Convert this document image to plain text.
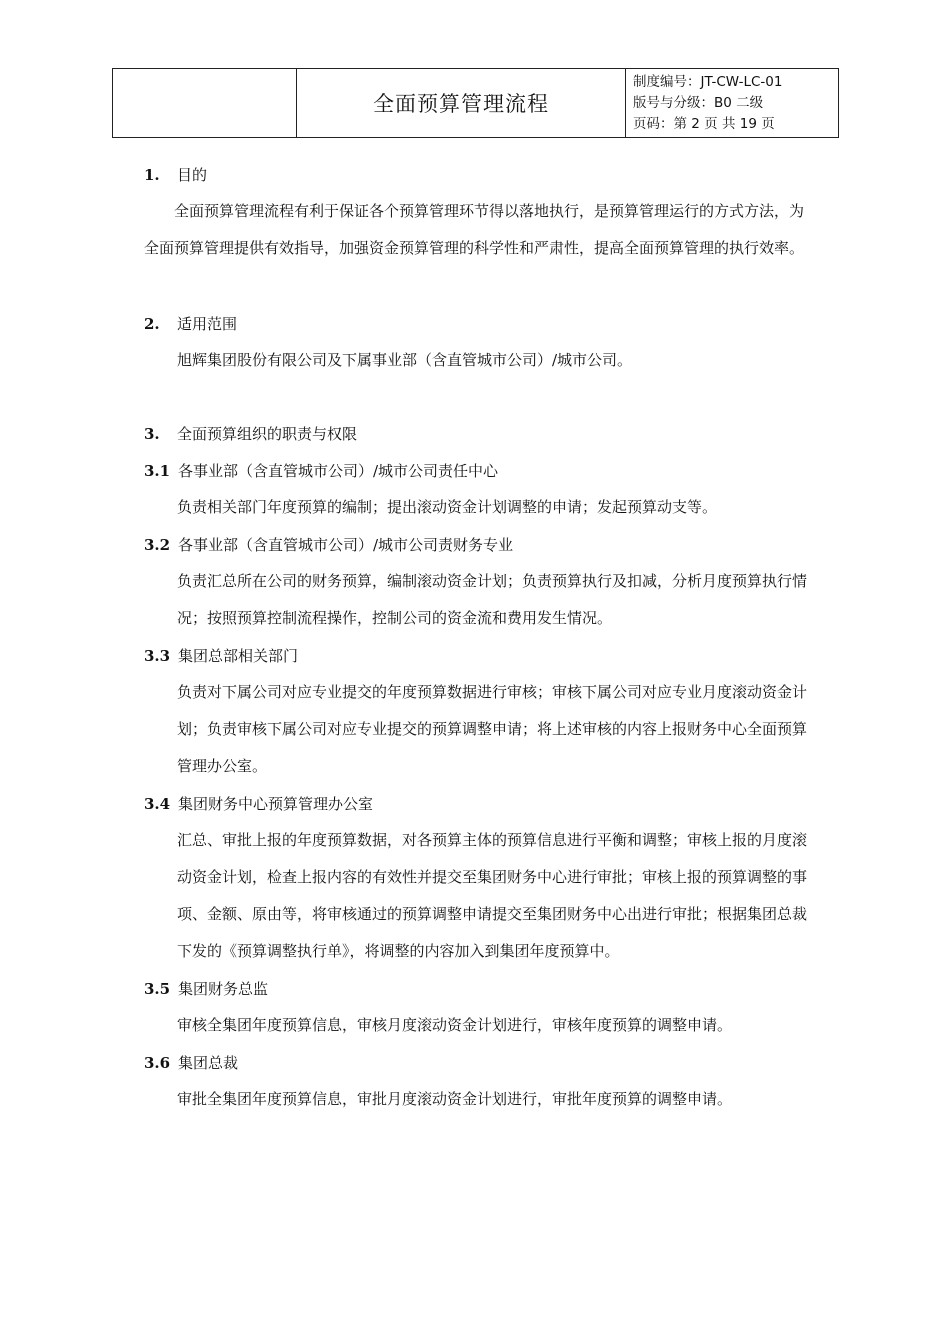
全面预算管理流程
制度编号：JT-CW-LC-01
版号与分级：B0 二级
页码：第 2 页 共 19 页
1.	目的

全面预算管理流程有利于保证各个预算管理环节得以落地执行，是预算管理运行的方式方法，为全面预算管理提供有效指导，加强资金预算管理的科学性和严肃性，提高全面预算管理的执行效率。

2.	适用范围

旭辉集团股份有限公司及下属事业部（含直管城市公司）/城市公司。

3.	全面预算组织的职责与权限
3.1 各事业部（含直管城市公司）/城市公司责任中心

负责相关部门年度预算的编制；提出滚动资金计划调整的申请；发起预算动支等。

3.2 各事业部（含直管城市公司）/城市公司责财务专业

负责汇总所在公司的财务预算，编制滚动资金计划；负责预算执行及扣减，分析月度预算执行情况；按照预算控制流程操作，控制公司的资金流和费用发生情况。

3.3 集团总部相关部门

负责对下属公司对应专业提交的年度预算数据进行审核；审核下属公司对应专业月度滚动资金计划；负责审核下属公司对应专业提交的预算调整申请；将上述审核的内容上报财务中心全面预算管理办公室。

3.4 集团财务中心预算管理办公室

汇总、审批上报的年度预算数据，对各预算主体的预算信息进行平衡和调整；审核上报的月度滚动资金计划，检查上报内容的有效性并提交至集团财务中心进行审批；审核上报的预算调整的事项、金额、原由等，将审核通过的预算调整申请提交至集团财务中心出进行审批；根据集团总裁下发的《预算调整执行单》，将调整的内容加入到集团年度预算中。

3.5 集团财务总监

审核全集团年度预算信息，审核月度滚动资金计划进行，审核年度预算的调整申请。

3.6 集团总裁

审批全集团年度预算信息，审批月度滚动资金计划进行，审批年度预算的调整申请。
